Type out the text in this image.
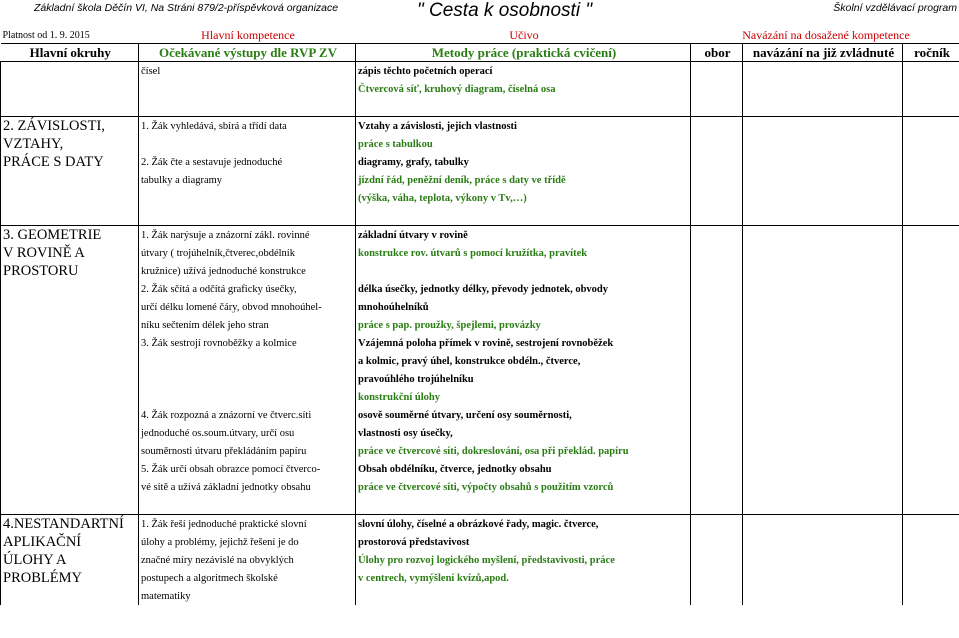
Základní škola Děčín VI, Na Stráni 879/2-příspěvková organizace	" Cesta k osobnosti "	Školní vzdělávací program
Platnost od 1. 9. 2015	Hlavní kompetence	Učivo	Navázání na dosažené kompetence		
Hlavní okruhy	Očekávané výstupy dle RVP ZV	Metody práce (praktická cvičení)	obor	navázání na již zvládnuté	ročník
	čísel	zápis těchto početních operací			
		Čtvercová síť, kruhový diagram, číselná osa			

2. ZÁVISLOSTI,	1. Žák vyhledává, sbírá a třídí data	Vztahy a závislosti, jejich vlastnosti			
VZTAHY,		práce s tabulkou			
PRÁCE S DATY	2. Žák čte a sestavuje jednoduché	diagramy, grafy, tabulky			
	tabulky a diagramy	jízdní řád, peněžní deník, práce s daty ve třídě			
		(výška, váha, teplota, výkony v Tv,…)			

3. GEOMETRIE	1. Žák narýsuje a znázorní zákl. rovinné	základní útvary v rovině			
V ROVINĚ A	útvary ( trojúhelník,čtverec,obdélník	konstrukce rov. útvarů s pomocí kružítka, pravítek			
PROSTORU	kružnice) užívá jednoduché konstrukce				
	2. Žák sčítá a odčítá graficky úsečky,	délka úsečky, jednotky délky, převody jednotek, obvody			
	určí délku lomené čáry, obvod mnohoúhel-	mnohoúhelníků			
	níku sečtením délek jeho stran	práce s pap. proužky, špejlemi, provázky			
	3. Žák sestrojí rovnoběžky a kolmice	Vzájemná poloha přímek v rovině, sestrojení rovnoběžek			
		a kolmic, pravý úhel, konstrukce obdéln., čtverce,			
		pravoúhlého trojúhelníku			
		konstrukční úlohy			
	4. Žák rozpozná a znázorní ve čtverc.síti	osově souměrné útvary, určení osy souměrnosti,			
	jednoduché os.soum.útvary, určí osu	vlastnosti osy úsečky,			
	souměrnosti útvaru překládáním papíru	práce ve čtvercové síti, dokreslování, osa při překlád. papíru			
	5. Žák určí obsah obrazce pomocí čtverco-	Obsah obdélníku, čtverce, jednotky obsahu			
	vé sítě a užívá základní jednotky obsahu	práce ve čtvercové síti, výpočty obsahů s použitím vzorců			

4.NESTANDARTNÍ	1. Žák řeší jednoduché praktické slovní	slovní úlohy, číselné a obrázkové řady, magic. čtverce,			
APLIKAČNÍ	úlohy a problémy, jejichž řešení je do	prostorová představivost			
ÚLOHY A	značné míry nezávislé na obvyklých	Úlohy pro rozvoj logického myšlení, představivosti, práce			
PROBLÉMY	postupech a algoritmech školské	v centrech, vymýšlení kvízů,apod.			
	matematiky				
